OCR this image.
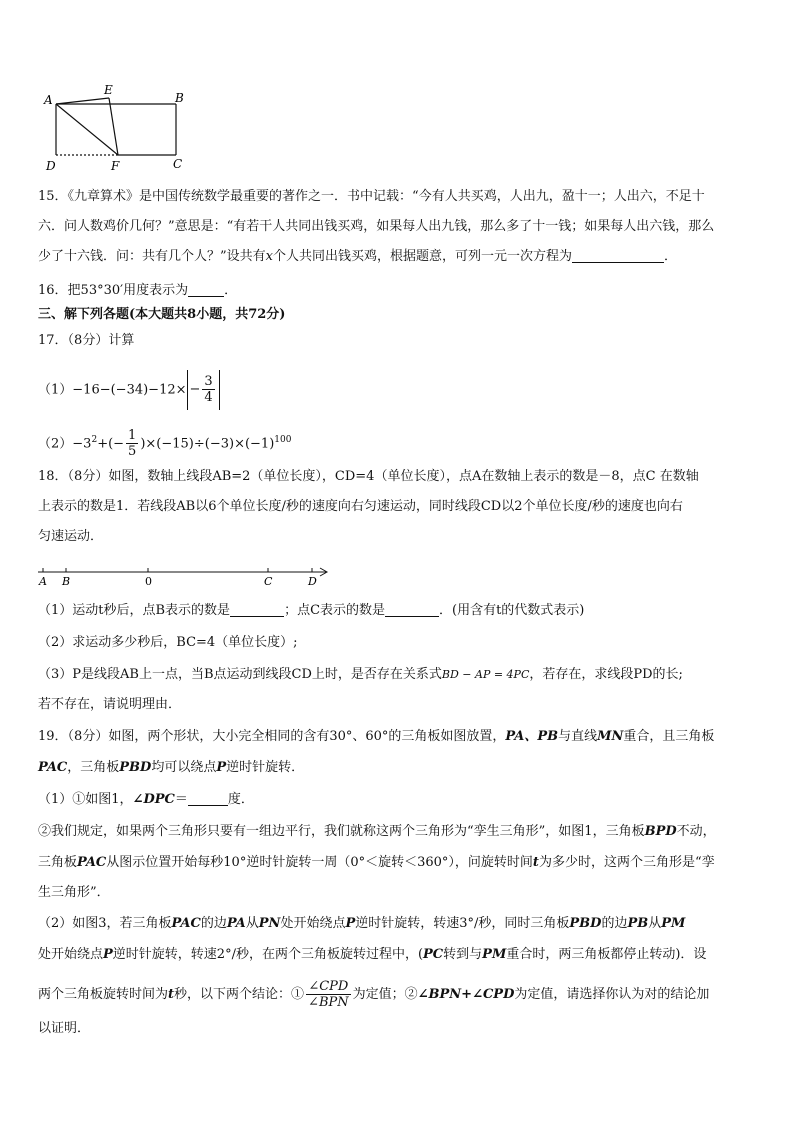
A
E
B
D	F	C
15．《九章算术》是中国传统数学最重要的著作之一．书中记载：“今有人共买鸡，人出九，盈十一；人出六，不足十
六．问人数鸡价几何？”意思是：“有若干人共同出钱买鸡，如果每人出九钱，那么多了十一钱；如果每人出六钱，那么
少了十六钱．问：共有几个人？”设共有x个人共同出钱买鸡，根据题意，可列一元一次方程为	．
16．把53°30′用度表示为	．
三、解下列各题(本大题共8小题，共72分)
17．（8分）计算
$(1)-16-(-34)-12\times - \frac{3}{4}$
$(2)-3^2+(- \frac{1}{5} )\times(-15)\div(-3)\times(-1)^{100}$
18．（8分）如图，数轴上线段AB=2（单位长度），CD=4（单位长度），点A在数轴上表示的数是－8，点C 在数轴
上表示的数是1．若线段AB以6个单位长度/秒的速度向右匀速运动，同时线段CD以2个单位长度/秒的速度也向右
匀速运动．
A B	0	C	D
（1）运动t秒后，点B表示的数是	；点C表示的数是	．(用含有t的代数式表示)
（2）求运动多少秒后，BC=4（单位长度）;
（3）P是线段AB上一点，当B点运动到线段CD上时，是否存在关系式BD − AP = 4PC，若存在，求线段PD的长;
若不存在，请说明理由．
19．（8分）如图，两个形状，大小完全相同的含有30°、60°的三角板如图放置，PA、PB与直线MN重合，且三角板
PAC，三角板PBD均可以绕点P逆时针旋转．
（1）①如图1，∠DPC＝	度．
②我们规定，如果两个三角形只要有一组边平行，我们就称这两个三角形为“孪生三角形”，如图1，三角板BPD不动，
三角板PAC从图示位置开始每秒10°逆时针旋转一周（0°＜旋转＜360°），问旋转时间t为多少时，这两个三角形是“孪
生三角形”．
（2）如图3，若三角板PAC的边PA从PN处开始绕点P逆时针旋转，转速3°/秒，同时三角板PBD的边PB从PM
处开始绕点P逆时针旋转，转速2°/秒，在两个三角板旋转过程中，(PC转到与PM重合时，两三角板都停止转动)．设
两个三角板旋转时间为t秒，以下两个结论：① $\frac{\text{∠CPD}}{\text{∠BPN}}$ 为定值；②∠BPN+∠CPD为定值，请选择你认为对的结论加
以证明．
